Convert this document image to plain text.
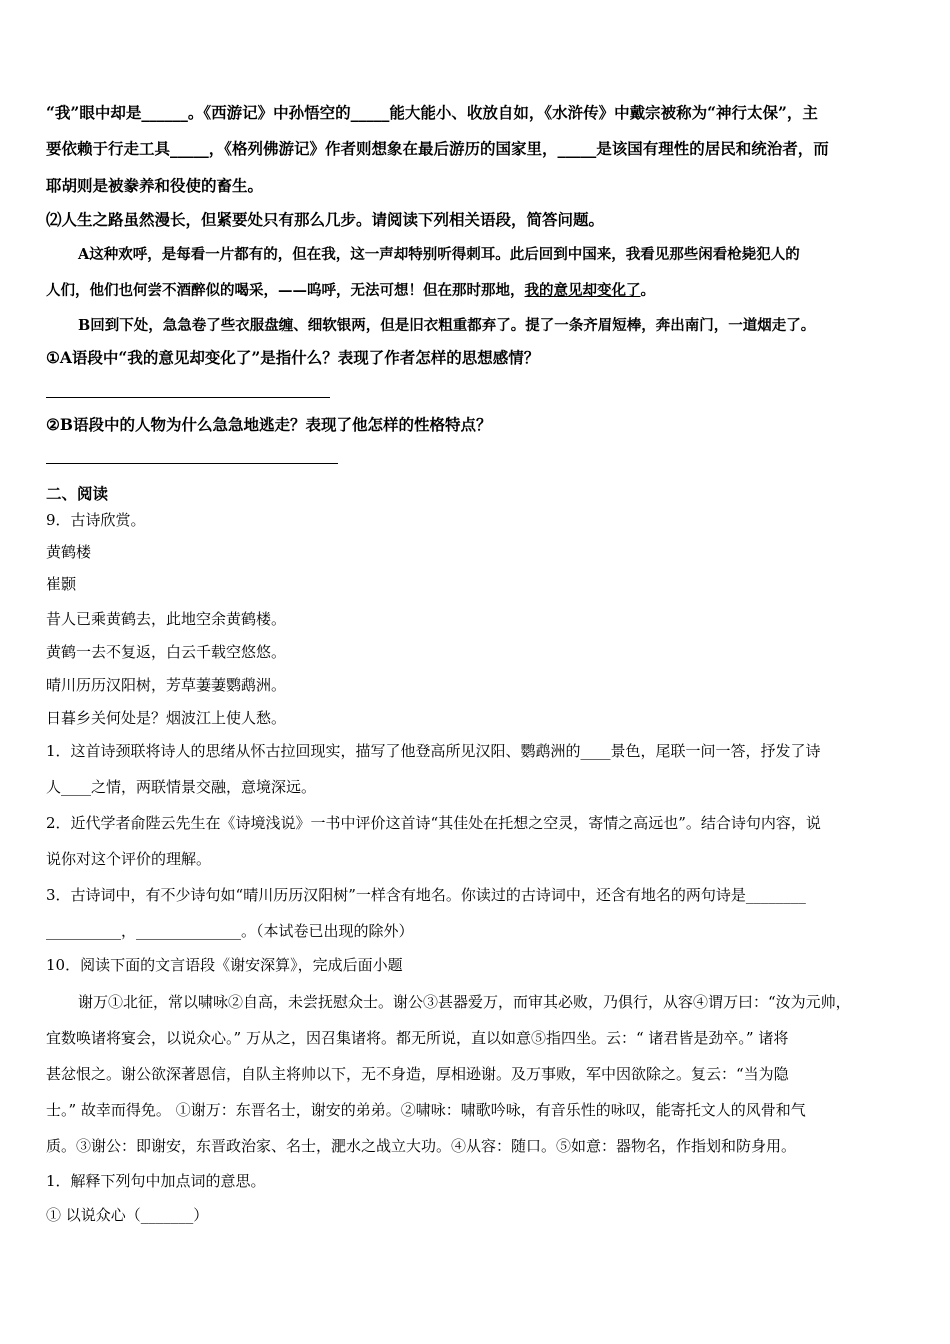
“我”眼中却是______。《西游记》中孙悟空的_____能大能小、收放自如，《水浒传》中戴宗被称为“神行太保”，主
要依赖于行走工具_____，《格列佛游记》作者则想象在最后游历的国家里，_____是该国有理性的居民和统治者，而
耶胡则是被豢养和役使的畜生。
⑵人生之路虽然漫长，但紧要处只有那么几步。请阅读下列相关语段，简答问题。
A这种欢呼，是每看一片都有的，但在我，这一声却特别听得刺耳。此后回到中国来，我看见那些闲看枪毙犯人的
人们，他们也何尝不酒醉似的喝采，——呜呼，无法可想！但在那时那地，我的意见却变化了。
B回到下处，急急卷了些衣服盘缠、细软银两，但是旧衣粗重都弃了。提了一条齐眉短棒，奔出南门，一道烟走了。
①A语段中“我的意见却变化了”是指什么？表现了作者怎样的思想感情？
②B语段中的人物为什么急急地逃走？表现了他怎样的性格特点？
二、阅读
9．古诗欣赏。
黄鹤楼
崔颢
昔人已乘黄鹤去，此地空余黄鹤楼。
黄鹤一去不复返，白云千载空悠悠。
晴川历历汉阳树，芳草萋萋鹦鹉洲。
日暮乡关何处是？烟波江上使人愁。
1．这首诗颈联将诗人的思绪从怀古拉回现实，描写了他登高所见汉阳、鹦鹉洲的____景色，尾联一问一答，抒发了诗
人____之情，两联情景交融，意境深远。
2．近代学者俞陛云先生在《诗境浅说》一书中评价这首诗“其佳处在托想之空灵，寄情之高远也”。结合诗句内容，说
说你对这个评价的理解。
3．古诗词中，有不少诗句如“晴川历历汉阳树”一样含有地名。你读过的古诗词中，还含有地名的两句诗是________
__________，______________。（本试卷已出现的除外）
10．阅读下面的文言语段《谢安深算》，完成后面小题
谢万①北征，常以啸咏②自高，未尝抚慰众士。谢公③甚器爱万，而审其必败，乃俱行，从容④谓万曰：“汝为元帅，
宜数唤诸将宴会，以说众心。” 万从之，因召集诸将。都无所说，直以如意⑤指四坐。云：“ 诸君皆是劲卒。” 诸将
甚忿恨之。谢公欲深著恩信，自队主将帅以下，无不身造，厚相逊谢。及万事败，军中因欲除之。复云：“当为隐
士。” 故幸而得免。 ①谢万：东晋名士，谢安的弟弟。②啸咏：啸歌吟咏，有音乐性的咏叹，能寄托文人的风骨和气
质。③谢公：即谢安，东晋政治家、名士，淝水之战立大功。④从容：随口。⑤如意：器物名，作指划和防身用。
1．解释下列句中加点词的意思。
① 以说众心（_______）
